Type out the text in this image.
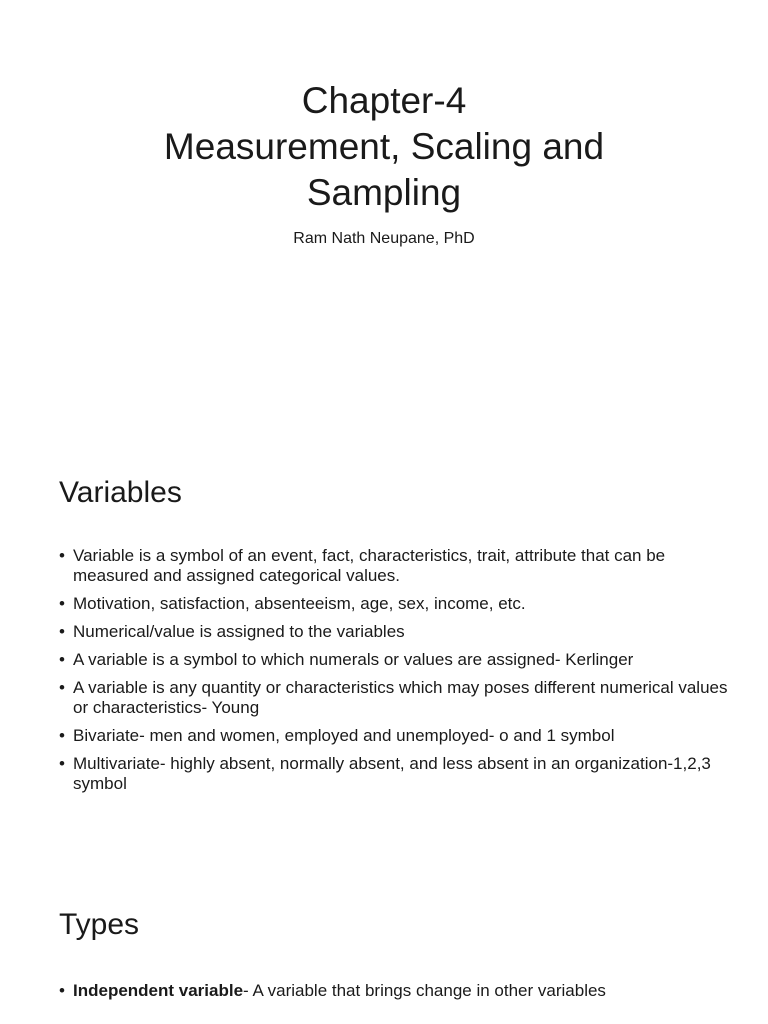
Chapter-4
Measurement, Scaling and
Sampling
Ram Nath Neupane, PhD
Variables
• Variable is a symbol of an event, fact, characteristics, trait, attribute that can be measured and assigned categorical values.
• Motivation, satisfaction, absenteeism, age, sex, income, etc.
• Numerical/value is assigned to the variables
• A variable is a symbol to which numerals or values are assigned- Kerlinger
• A variable is any quantity or characteristics which may poses different numerical values or characteristics- Young
• Bivariate- men and women, employed and unemployed- o and 1 symbol
• Multivariate- highly absent, normally absent, and less absent in an organization-1,2,3 symbol
Types
• Independent variable- A variable that brings change in other variables
